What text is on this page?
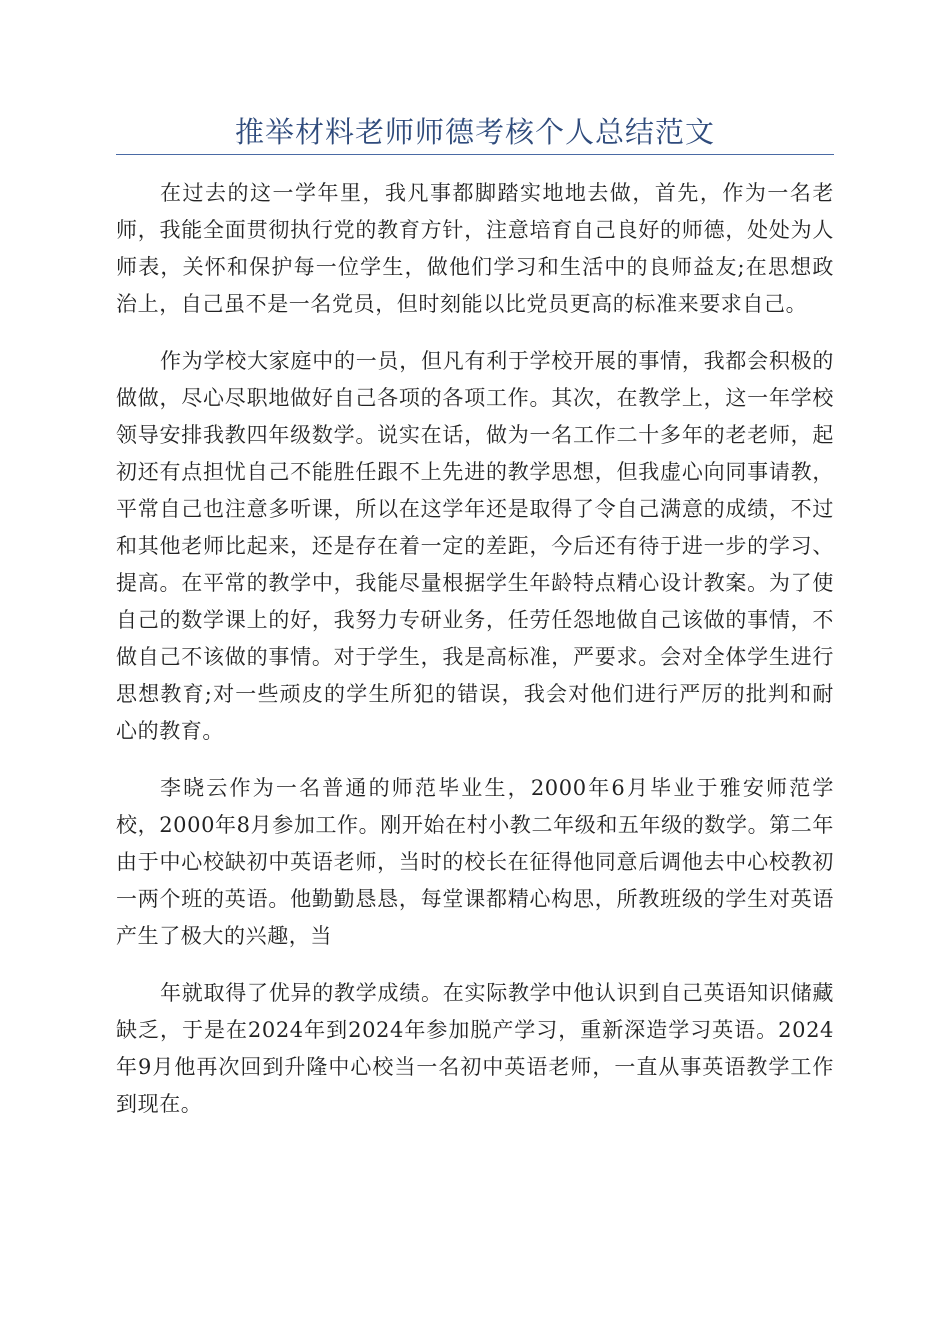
推举材料老师师德考核个人总结范文

在过去的这一学年里，我凡事都脚踏实地地去做，首先，作为一名老师，我能全面贯彻执行党的教育方针，注意培育自己良好的师德，处处为人师表，关怀和保护每一位学生，做他们学习和生活中的良师益友;在思想政治上，自己虽不是一名党员，但时刻能以比党员更高的标准来要求自己。

作为学校大家庭中的一员，但凡有利于学校开展的事情，我都会积极的做做，尽心尽职地做好自己各项的各项工作。其次，在教学上，这一年学校领导安排我教四年级数学。说实在话，做为一名工作二十多年的老老师，起初还有点担忧自己不能胜任跟不上先进的教学思想，但我虚心向同事请教，平常自己也注意多听课，所以在这学年还是取得了令自己满意的成绩，不过和其他老师比起来，还是存在着一定的差距，今后还有待于进一步的学习、提高。在平常的教学中，我能尽量根据学生年龄特点精心设计教案。为了使自己的数学课上的好，我努力专研业务，任劳任怨地做自己该做的事情，不做自己不该做的事情。对于学生，我是高标准，严要求。会对全体学生进行思想教育;对一些顽皮的学生所犯的错误，我会对他们进行严厉的批判和耐心的教育。

李晓云作为一名普通的师范毕业生，2000年6月毕业于雅安师范学校，2000年8月参加工作。刚开始在村小教二年级和五年级的数学。第二年由于中心校缺初中英语老师，当时的校长在征得他同意后调他去中心校教初一两个班的英语。他勤勤恳恳，每堂课都精心构思，所教班级的学生对英语产生了极大的兴趣，当

年就取得了优异的教学成绩。在实际教学中他认识到自己英语知识储藏缺乏，于是在2024年到2024年参加脱产学习，重新深造学习英语。2024年9月他再次回到升隆中心校当一名初中英语老师，一直从事英语教学工作到现在。
